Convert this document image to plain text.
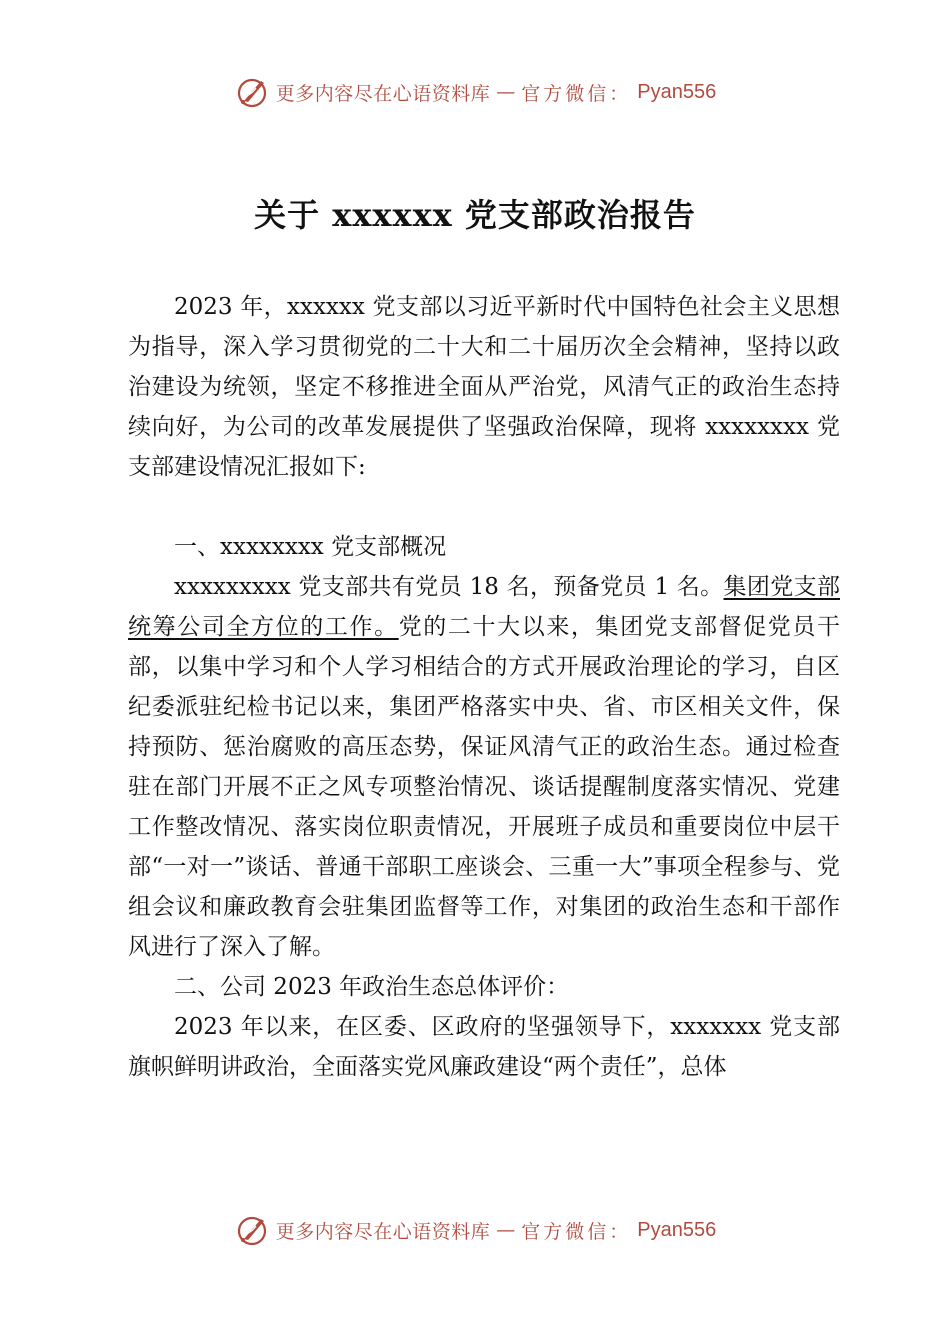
更多内容尽在心语资料库 — 官方微信： Pyan556
关于 xxxxxx 党支部政治报告

2023 年，xxxxxx 党支部以习近平新时代中国特色社会主义思想为指导，深入学习贯彻党的二十大和二十届历次全会精神，坚持以政治建设为统领，坚定不移推进全面从严治党，风清气正的政治生态持续向好，为公司的改革发展提供了坚强政治保障，现将 xxxxxxxx 党支部建设情况汇报如下:

一、xxxxxxxx 党支部概况

xxxxxxxxx 党支部共有党员 18 名，预备党员 1 名。集团党支部统筹公司全方位的工作。党的二十大以来，集团党支部督促党员干部，以集中学习和个人学习相结合的方式开展政治理论的学习，自区纪委派驻纪检书记以来，集团严格落实中央、省、市区相关文件，保持预防、惩治腐败的高压态势，保证风清气正的政治生态。通过检查驻在部门开展不正之风专项整治情况、谈话提醒制度落实情况、党建工作整改情况、落实岗位职责情况，开展班子成员和重要岗位中层干部“一对一”谈话、普通干部职工座谈会、三重一大”事项全程参与、党组会议和廉政教育会驻集团监督等工作，对集团的政治生态和干部作风进行了深入了解。

二、公司 2023 年政治生态总体评价：

2023 年以来，在区委、区政府的坚强领导下，xxxxxxx 党支部旗帜鲜明讲政治，全面落实党风廉政建设“两个责任”，总体

更多内容尽在心语资料库 — 官方微信： Pyan556
